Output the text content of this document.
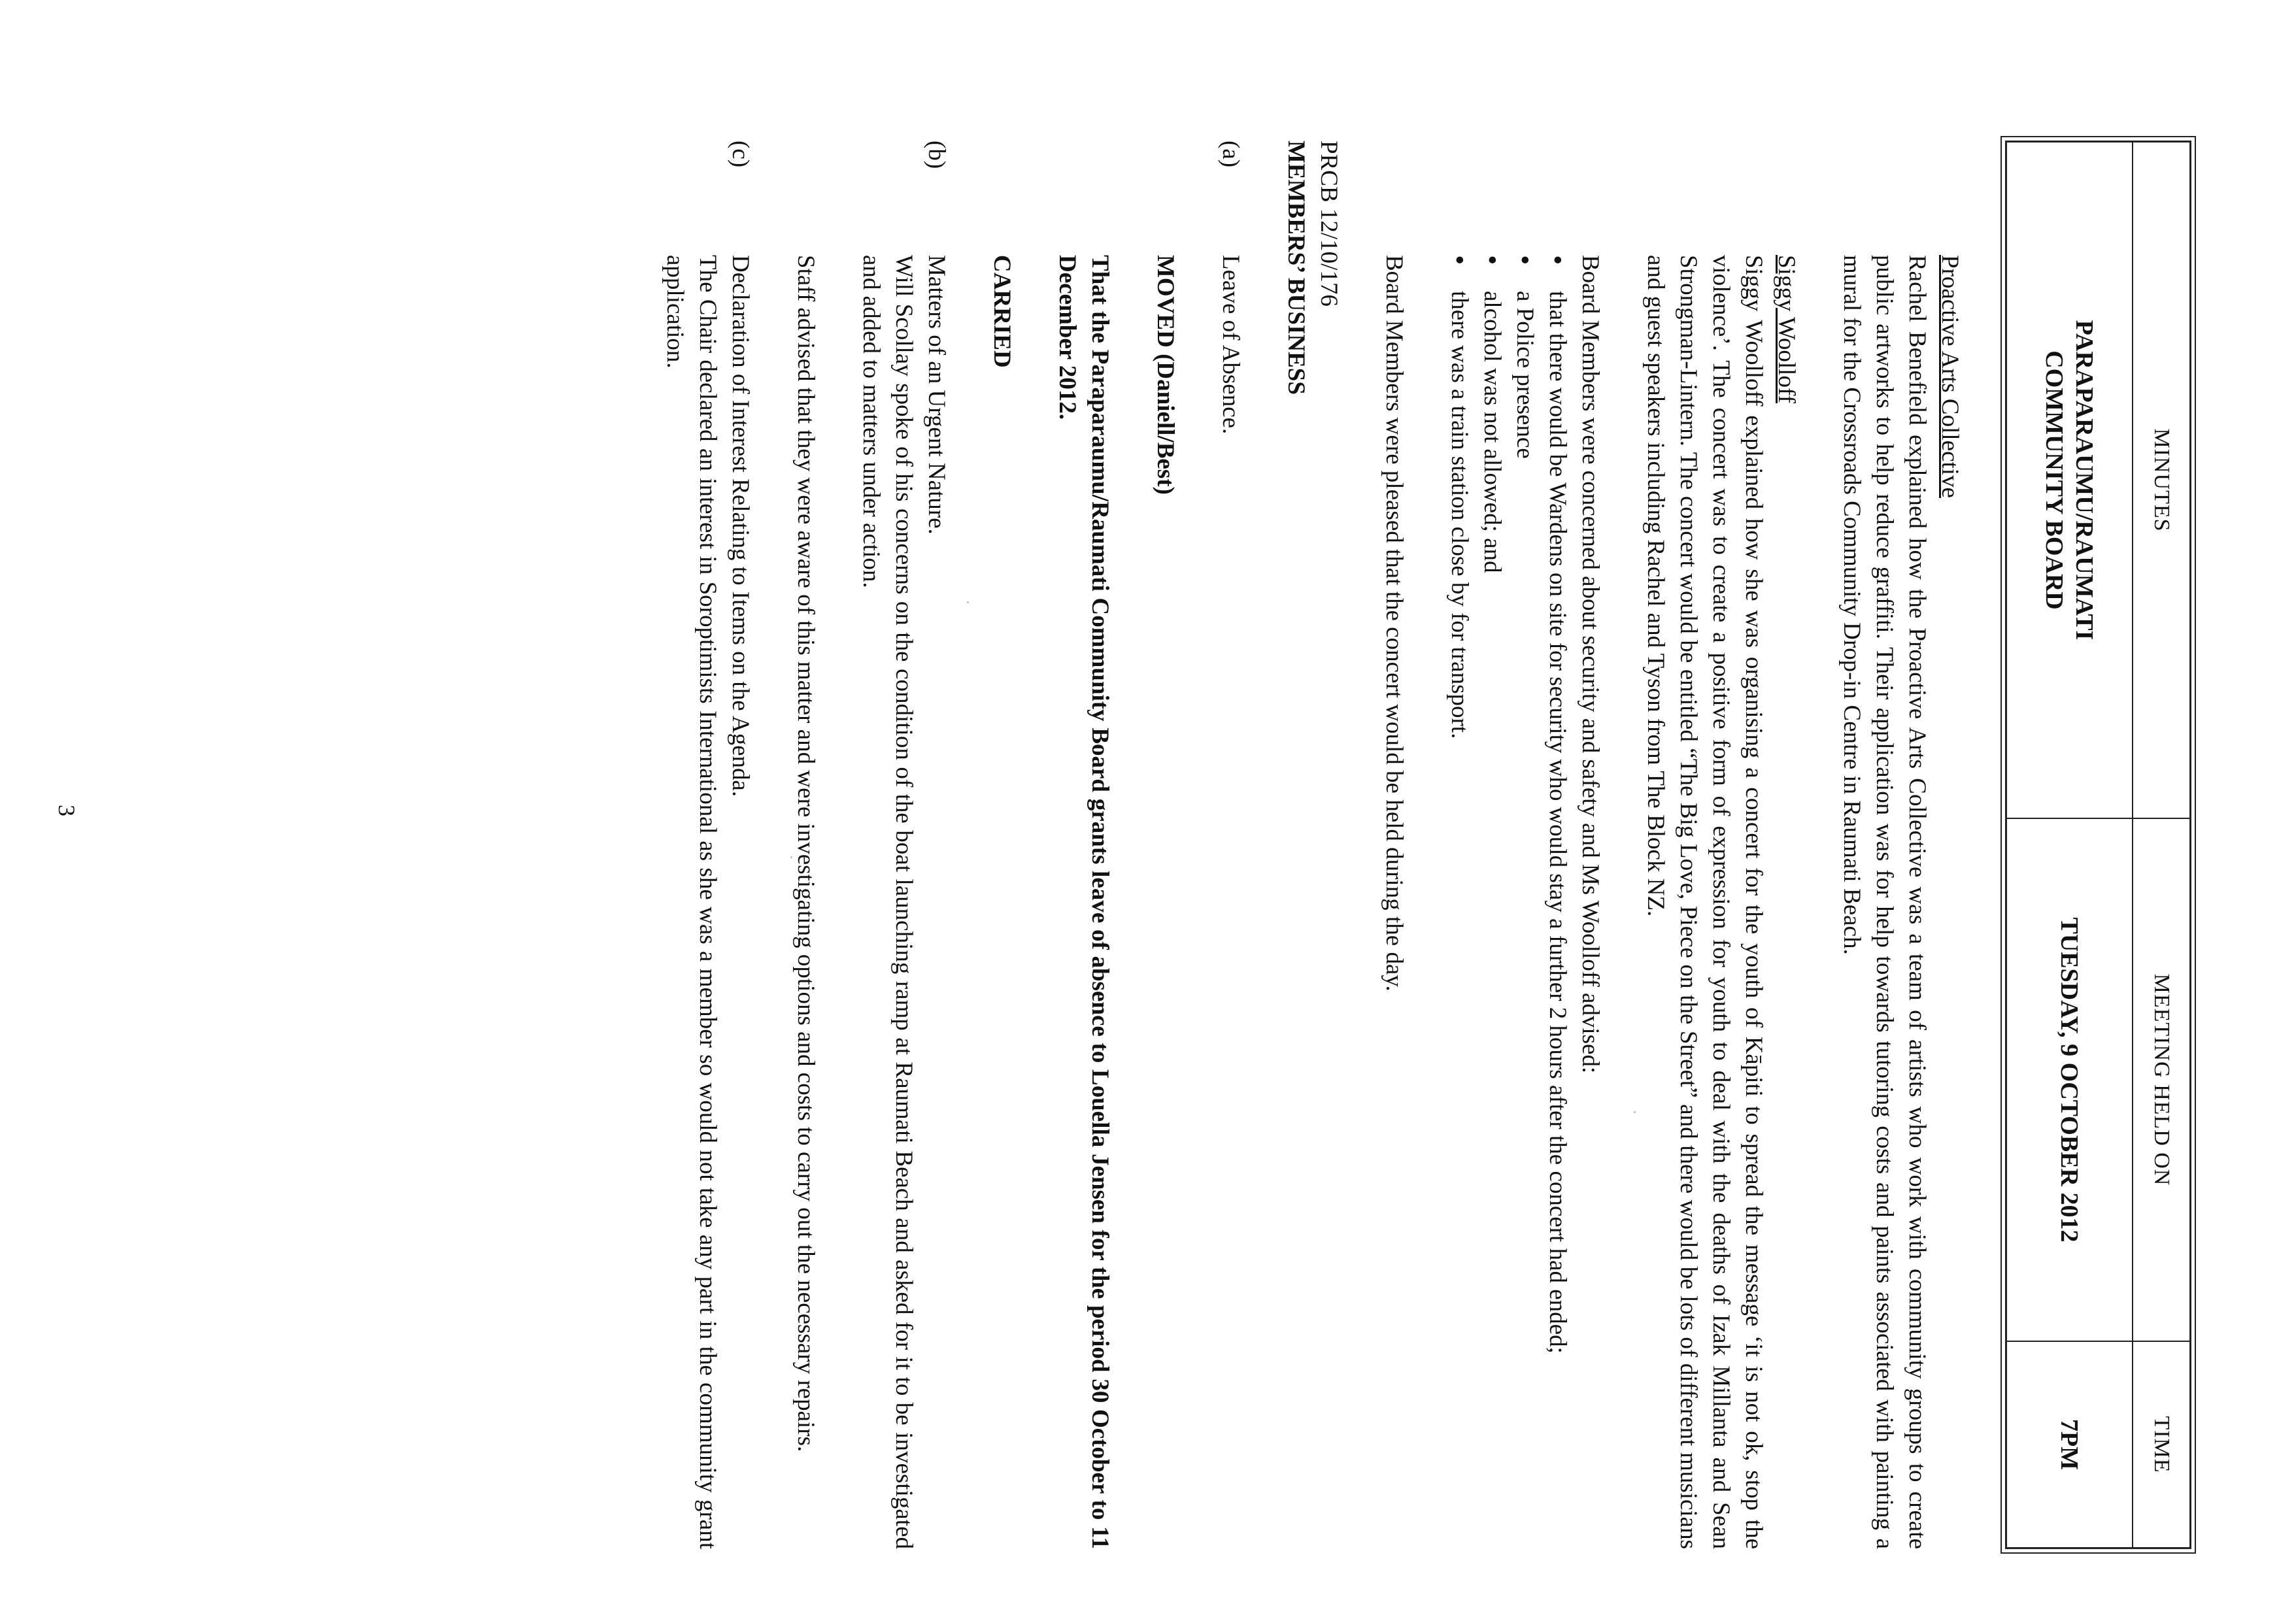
MINUTES
MEETING HELD ON
TIME
PARAPARAUMU/RAUMATI
COMMUNITY BOARD
TUESDAY, 9 OCTOBER 2012
7PM

Proactive Arts Collective

Rachel Benefield explained how the Proactive Arts Collective was a team of artists who work with community groups to create public artworks to help reduce graffiti. Their application was for help towards tutoring costs and paints associated with painting a mural for the Crossroads Community Drop-in Centre in Raumati Beach.

Siggy Woolloff

Siggy Woolloff explained how she was organising a concert for the youth of Kāpiti to spread the message ‘it is not ok, stop the violence’. The concert was to create a positive form of expression for youth to deal with the deaths of Izak Millanta and Sean Strongman-Lintern. The concert would be entitled “The Big Love, Piece on the Street” and there would be lots of different musicians and guest speakers including Rachel and Tyson from The Block NZ.

Board Members were concerned about security and safety and Ms Woolloff advised:

• that there would be Wardens on site for security who would stay a further 2 hours after the concert had ended;
• a Police presence
• alcohol was not allowed; and
• there was a train station close by for transport.

Board Members were pleased that the concert would be held during the day.

PRCB 12/10/176

MEMBERS’ BUSINESS

(a)
Leave of Absence.

MOVED (Daniell/Best)

That the Paraparaumu/Raumati Community Board grants leave of absence to Louella Jensen for the period 30 October to 11 December 2012.

CARRIED

(b)

Matters of an Urgent Nature.

Will Scollay spoke of his concerns on the condition of the boat launching ramp at Raumati Beach and asked for it to be investigated and added to matters under action.

Staff advised that they were aware of this matter and were investigating options and costs to carry out the necessary repairs.

(c)

Declaration of Interest Relating to Items on the Agenda.

The Chair declared an interest in Soroptimists International as she was a member so would not take any part in the community grant application.

3
